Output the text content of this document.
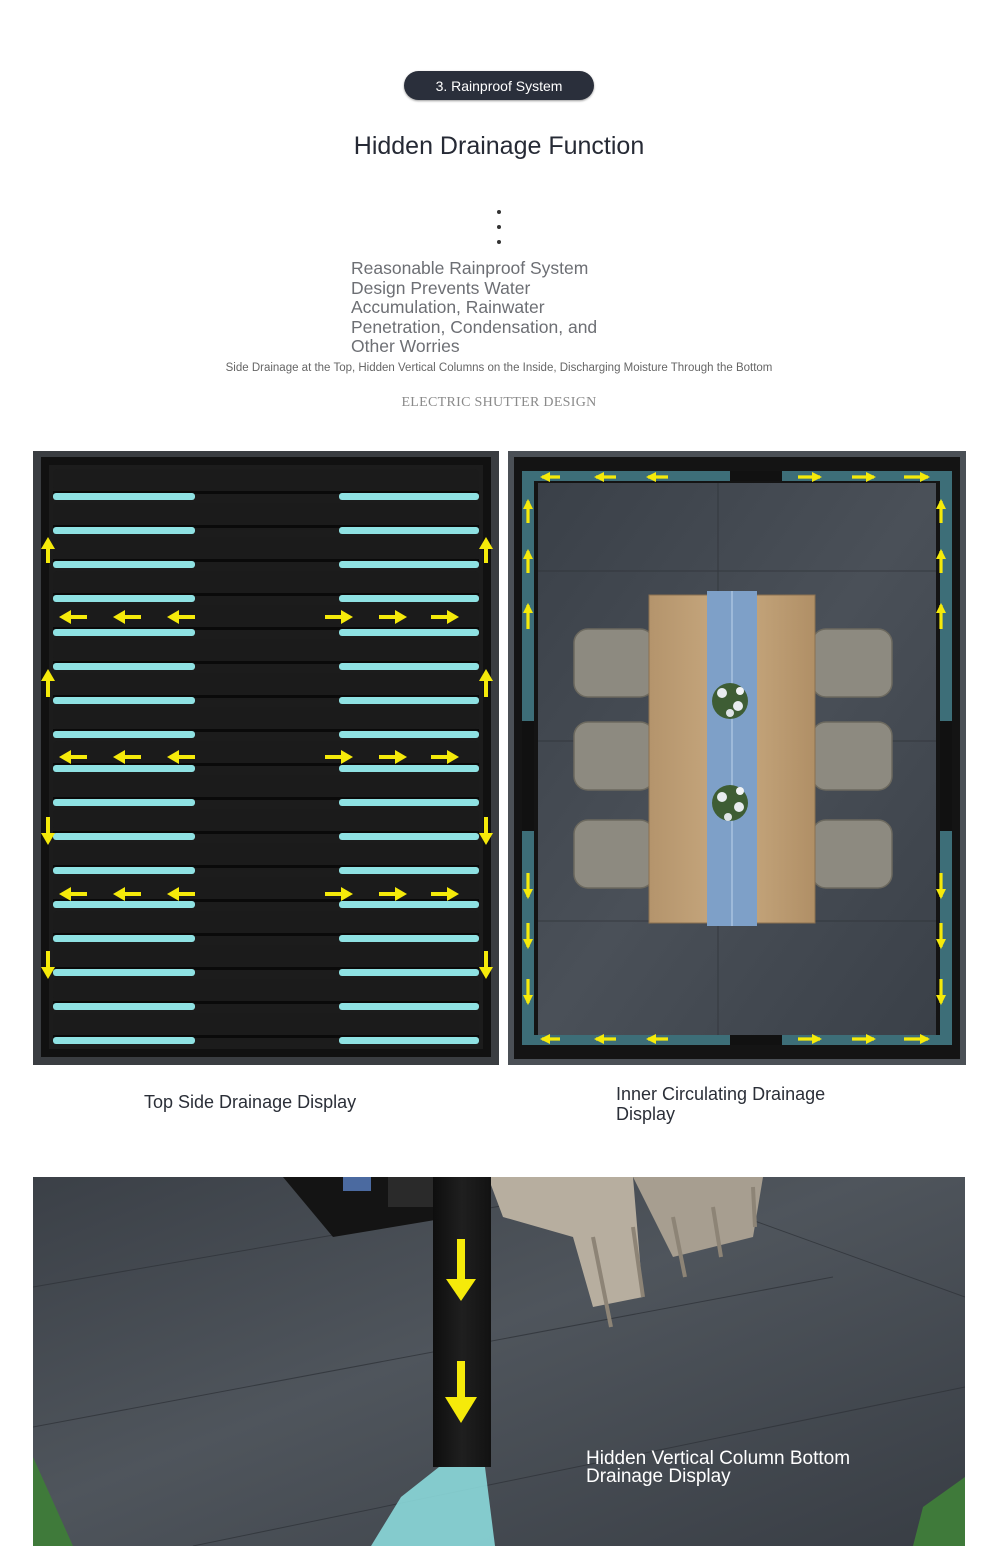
3. Rainproof System
Hidden Drainage Function
Reasonable Rainproof System Design Prevents Water Accumulation, Rainwater Penetration, Condensation, and Other Worries
Side Drainage at the Top, Hidden Vertical Columns on the Inside, Discharging Moisture Through the Bottom
ELECTRIC SHUTTER DESIGN
Top Side Drainage Display	Inner Circulating Drainage Display
Hidden Vertical Column Bottom Drainage Display
